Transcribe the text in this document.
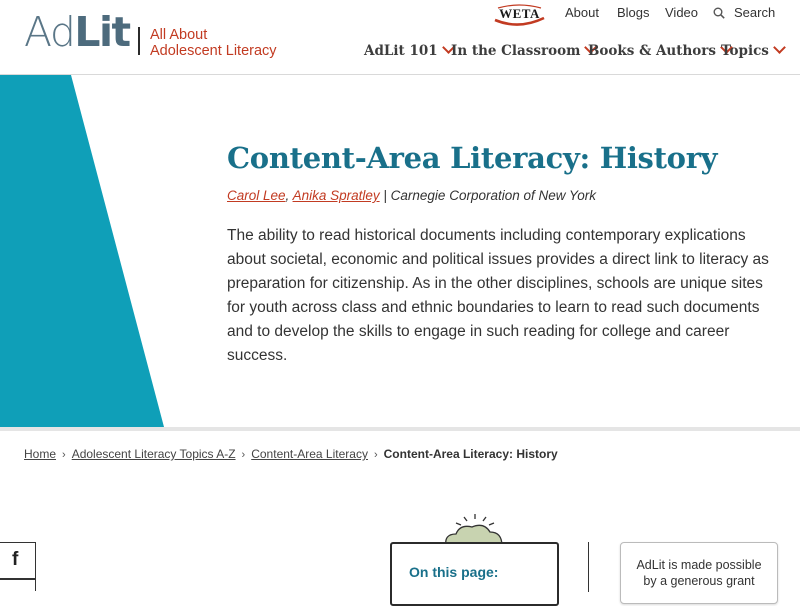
AdLit All About
Adolescent Literacy
WETA	About Blogs Video	Search
AdLit 101 In the Classroom Books & Authors Topics
Content-Area Literacy: History
Carol Lee, Anika Spratley | Carnegie Corporation of New York

The ability to read historical documents including contemporary explications about societal, economic and political issues provides a direct link to literacy as preparation for citizenship. As in the other disciplines, schools are unique sites for youth across class and ethnic boundaries to learn to read such documents and to develop the skills to engage in such reading for college and career success.

Home › Adolescent Literacy Topics A-Z › Content-Area Literacy › Content-Area Literacy: History
f
On this page:	AdLit is made possible
by a generous grant
